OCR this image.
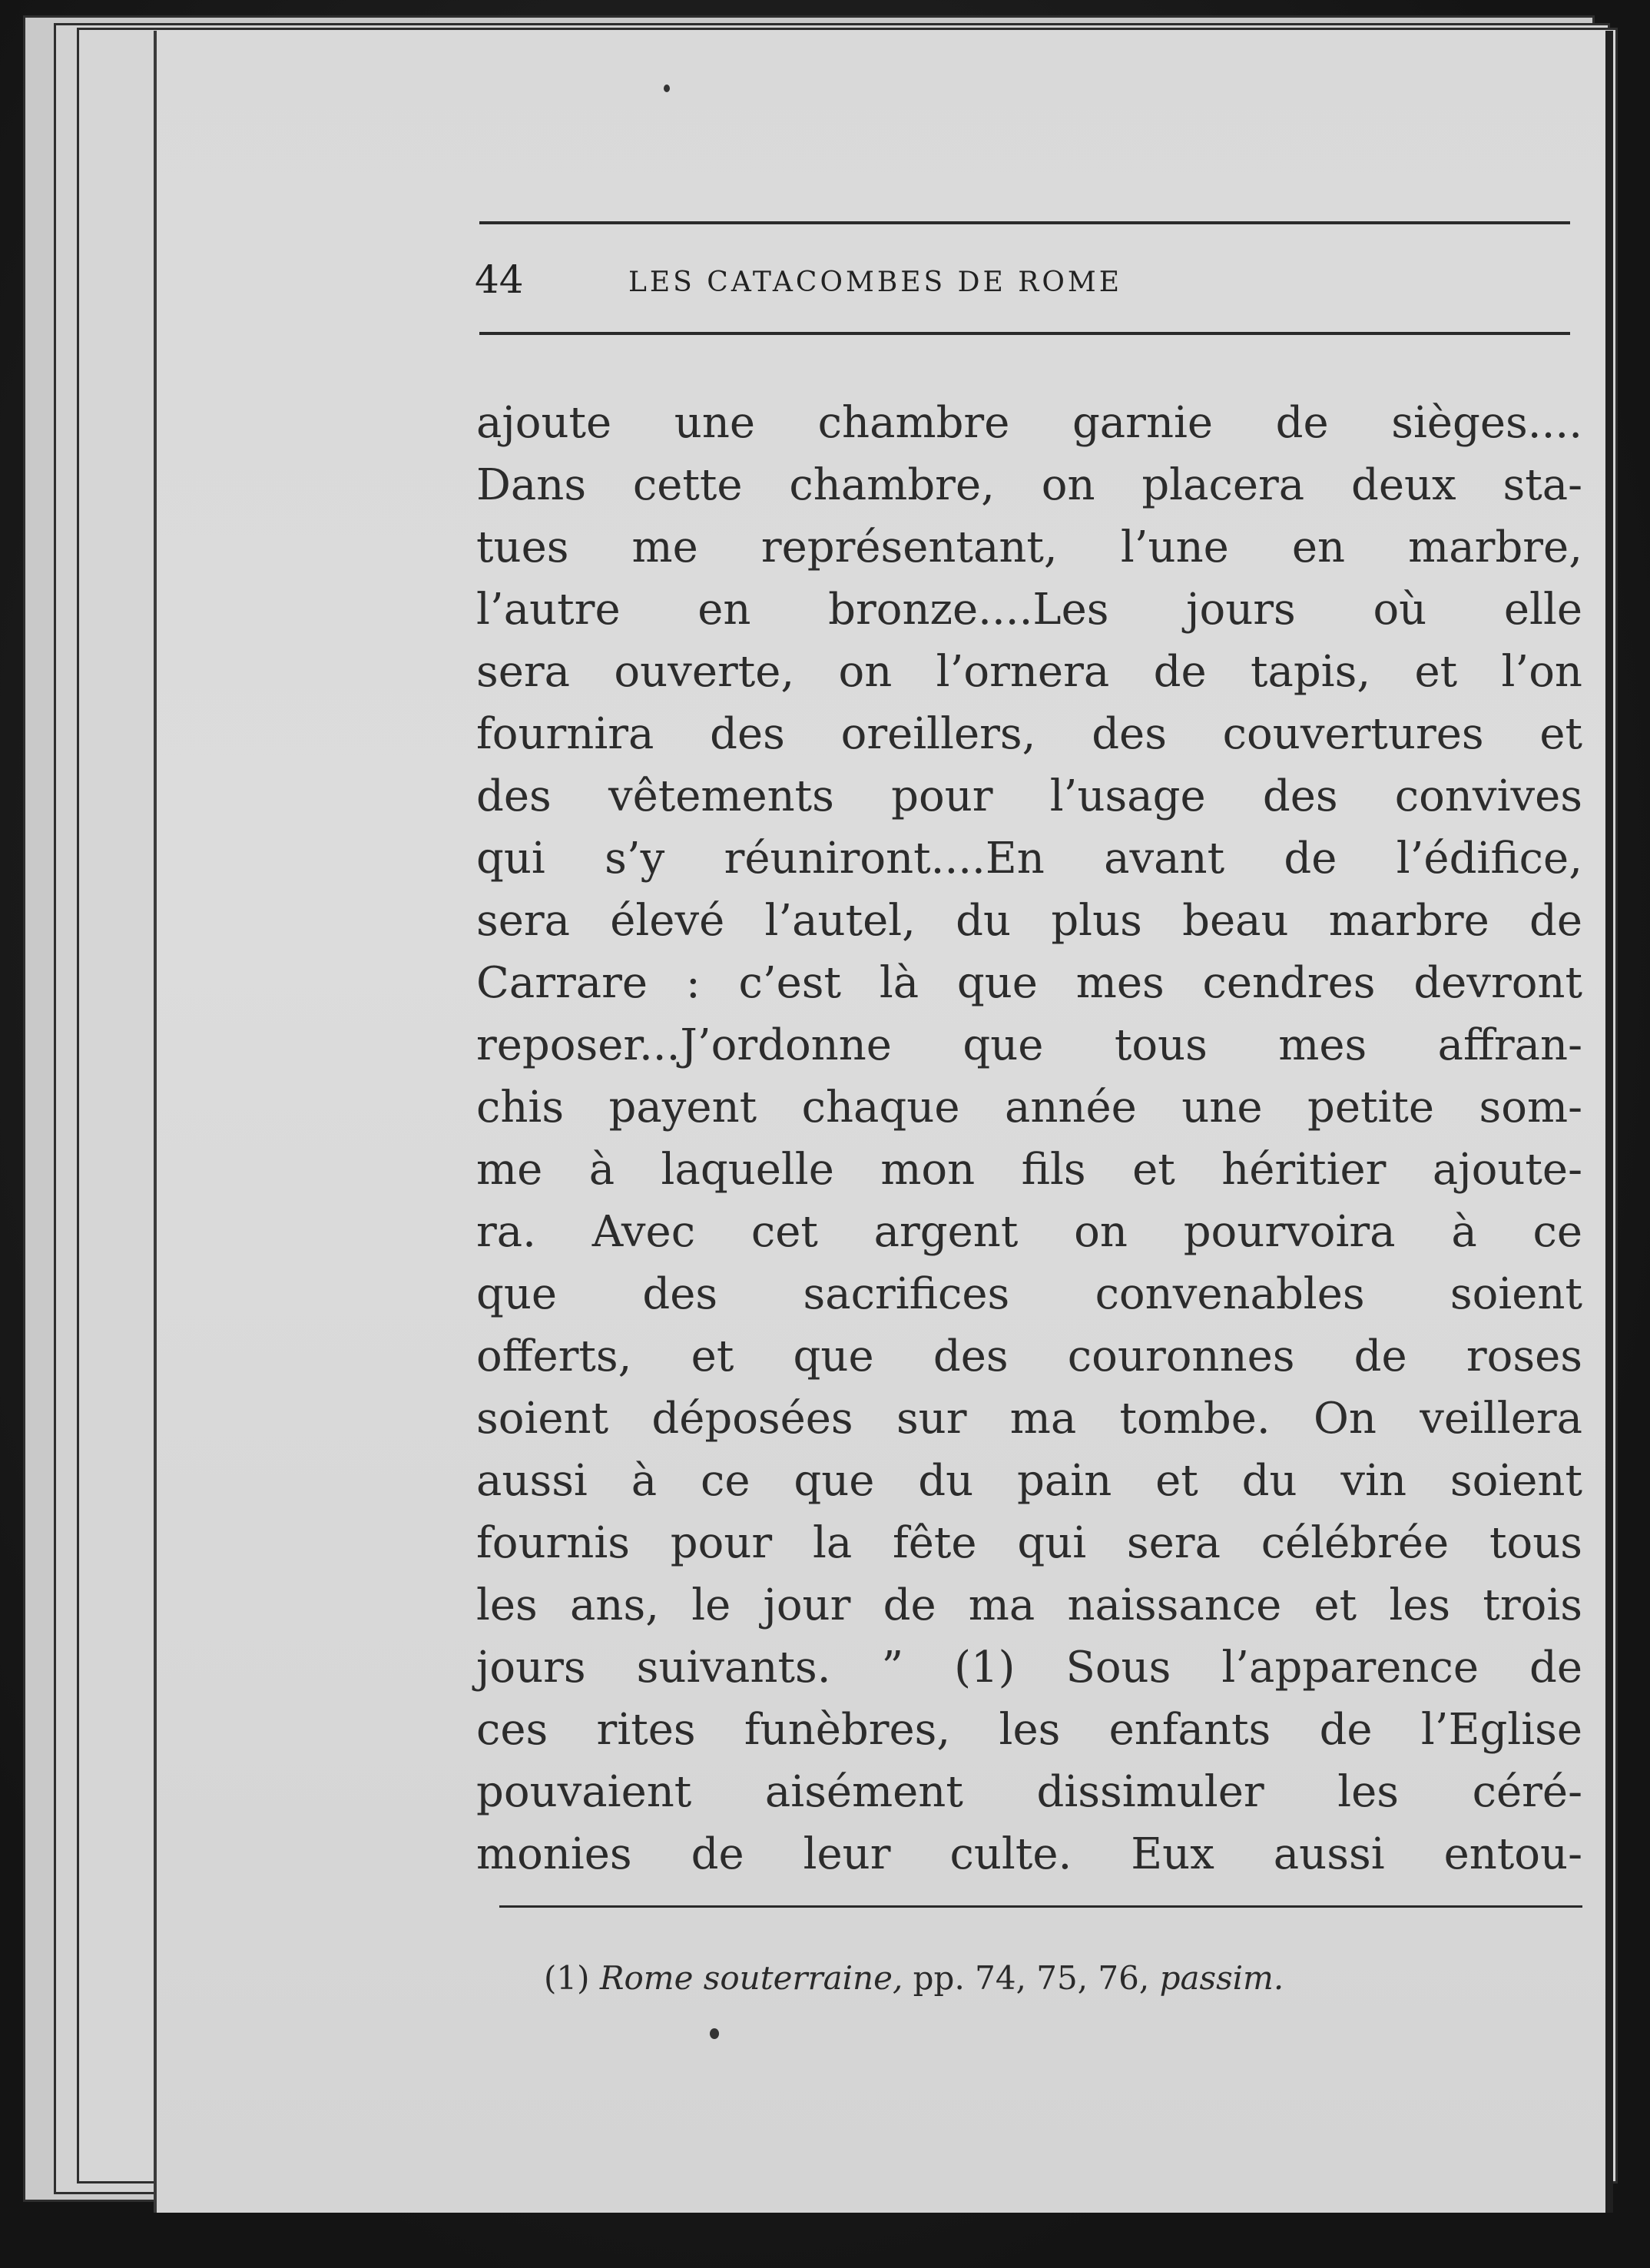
44	LES CATACOMBES DE ROME
ajoute une chambre garnie de sièges....
Dans cette chambre, on placera deux sta-
tues me représentant, l’une en marbre,
l’autre en bronze....Les jours où elle
sera ouverte, on l’ornera de tapis, et l’on
fournira des oreillers, des couvertures et
des vêtements pour l’usage des convives
qui s’y réuniront....En avant de l’édifice,
sera élevé l’autel, du plus beau marbre de
Carrare : c’est là que mes cendres devront
reposer...J’ordonne que tous mes affran-
chis payent chaque année une petite som-
me à laquelle mon fils et héritier ajoute-
ra. Avec cet argent on pourvoira à ce
que des sacrifices convenables soient
offerts, et que des couronnes de roses
soient déposées sur ma tombe. On veillera
aussi à ce que du pain et du vin soient
fournis pour la fête qui sera célébrée tous
les ans, le jour de ma naissance et les trois
jours suivants. ” (1) Sous l’apparence de
ces rites funèbres, les enfants de l’Eglise
pouvaient aisément dissimuler les céré-
monies de leur culte. Eux aussi entou-
(1) Rome souterraine, pp. 74, 75, 76, passim.
